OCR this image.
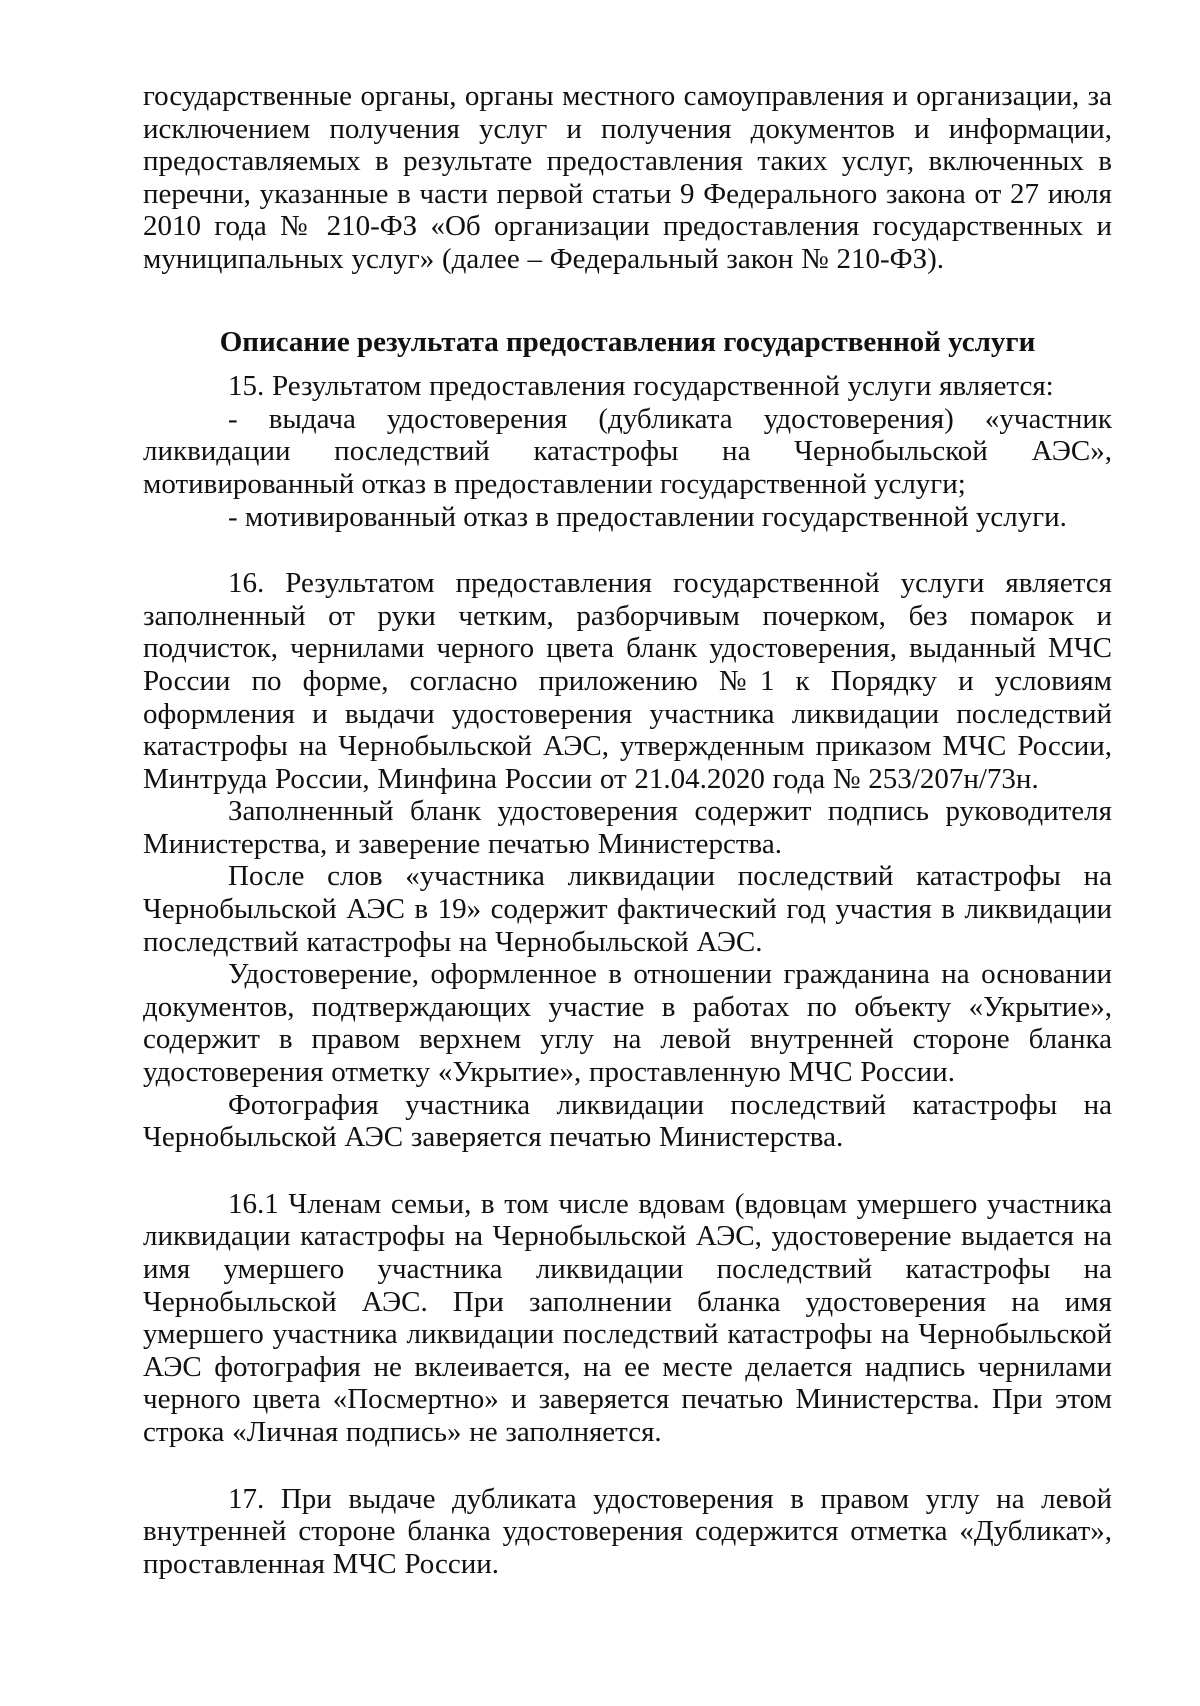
государственные органы, органы местного самоуправления и организации, за исключением получения услуг и получения документов и информации, предоставляемых в результате предоставления таких услуг, включенных в перечни, указанные в части первой статьи 9 Федерального закона от 27 июля 2010 года № 210-ФЗ «Об организации предоставления государственных и муниципальных услуг» (далее – Федеральный закон № 210-ФЗ).

Описание результата предоставления государственной услуги

15. Результатом предоставления государственной услуги является:

- выдача удостоверения (дубликата удостоверения) «участник ликвидации последствий катастрофы на Чернобыльской АЭС», мотивированный отказ в предоставлении государственной услуги;

- мотивированный отказ в предоставлении государственной услуги.

16. Результатом предоставления государственной услуги является заполненный от руки четким, разборчивым почерком, без помарок и подчисток, чернилами черного цвета бланк удостоверения, выданный МЧС России по форме, согласно приложению №1 к Порядку и условиям оформления и выдачи удостоверения участника ликвидации последствий катастрофы на Чернобыльской АЭС, утвержденным приказом МЧС России, Минтруда России, Минфина России от 21.04.2020 года № 253/207н/73н.

Заполненный бланк удостоверения содержит подпись руководителя Министерства, и заверение печатью Министерства.

После слов «участника ликвидации последствий катастрофы на Чернобыльской АЭС в 19» содержит фактический год участия в ликвидации последствий катастрофы на Чернобыльской АЭС.

Удостоверение, оформленное в отношении гражданина на основании документов, подтверждающих участие в работах по объекту «Укрытие», содержит в правом верхнем углу на левой внутренней стороне бланка удостоверения отметку «Укрытие», проставленную МЧС России.

Фотография участника ликвидации последствий катастрофы на Чернобыльской АЭС заверяется печатью Министерства.

16.1 Членам семьи, в том числе вдовам (вдовцам умершего участника ликвидации катастрофы на Чернобыльской АЭС, удостоверение выдается на имя умершего участника ликвидации последствий катастрофы на Чернобыльской АЭС. При заполнении бланка удостоверения на имя умершего участника ликвидации последствий катастрофы на Чернобыльской АЭС фотография не вклеивается, на ее месте делается надпись чернилами черного цвета «Посмертно» и заверяется печатью Министерства. При этом строка «Личная подпись» не заполняется.

17. При выдаче дубликата удостоверения в правом углу на левой внутренней стороне бланка удостоверения содержится отметка «Дубликат», проставленная МЧС России.
